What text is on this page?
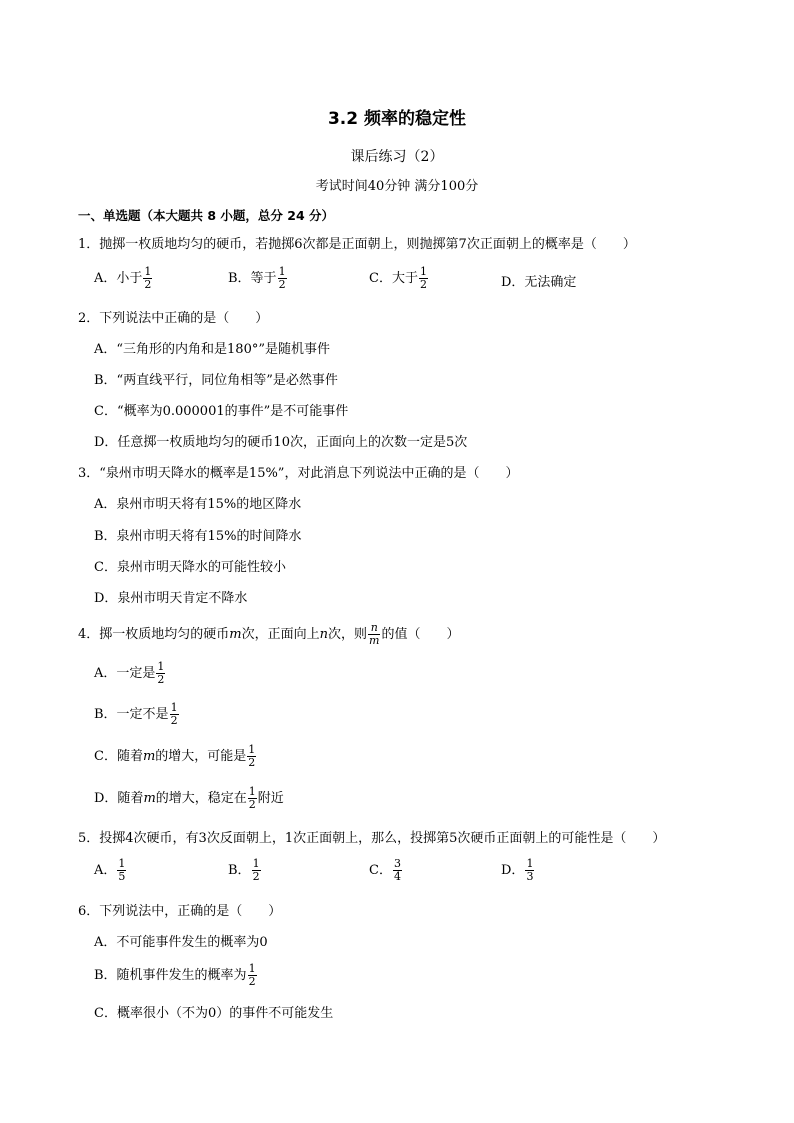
3.2 频率的稳定性
课后练习（2）
考试时间40分钟 满分100分
一、单选题（本大题共 8 小题，总分 24 分）
1．抛掷一枚质地均匀的硬币，若抛掷6次都是正面朝上，则抛掷第7次正面朝上的概率是（　　）
A．小于 $\frac{1}{2}$	B．等于 $\frac{1}{2}$	C．大于 $\frac{1}{2}$	D．无法确定
2．下列说法中正确的是（　　）
A．“三角形的内角和是180°”是随机事件
B．“两直线平行，同位角相等”是必然事件
C．“概率为0.000001的事件”是不可能事件
D．任意掷一枚质地均匀的硬币10次，正面向上的次数一定是5次
3．“泉州市明天降水的概率是15%”，对此消息下列说法中正确的是（　　）
A．泉州市明天将有15%的地区降水
B．泉州市明天将有15%的时间降水
C．泉州市明天降水的可能性较小
D．泉州市明天肯定不降水
4．掷一枚质地均匀的硬币m次，正面向上n次，则 $\frac{n}{m}$ 的值（　　）
A．一定是 $\frac{1}{2}$
B．一定不是 $\frac{1}{2}$
C．随着m的增大，可能是 $\frac{1}{2}$
D．随着m的增大，稳定在 $\frac{1}{2}$ 附近
5．投掷4次硬币，有3次反面朝上，1次正面朝上，那么，投掷第5次硬币正面朝上的可能性是（　　）
A． $\frac{1}{5}$	B． $\frac{1}{2}$	C． $\frac{3}{4}$	D． $\frac{1}{3}$
6．下列说法中，正确的是（　　）
A．不可能事件发生的概率为0
B．随机事件发生的概率为 $\frac{1}{2}$
C．概率很小（不为0）的事件不可能发生
